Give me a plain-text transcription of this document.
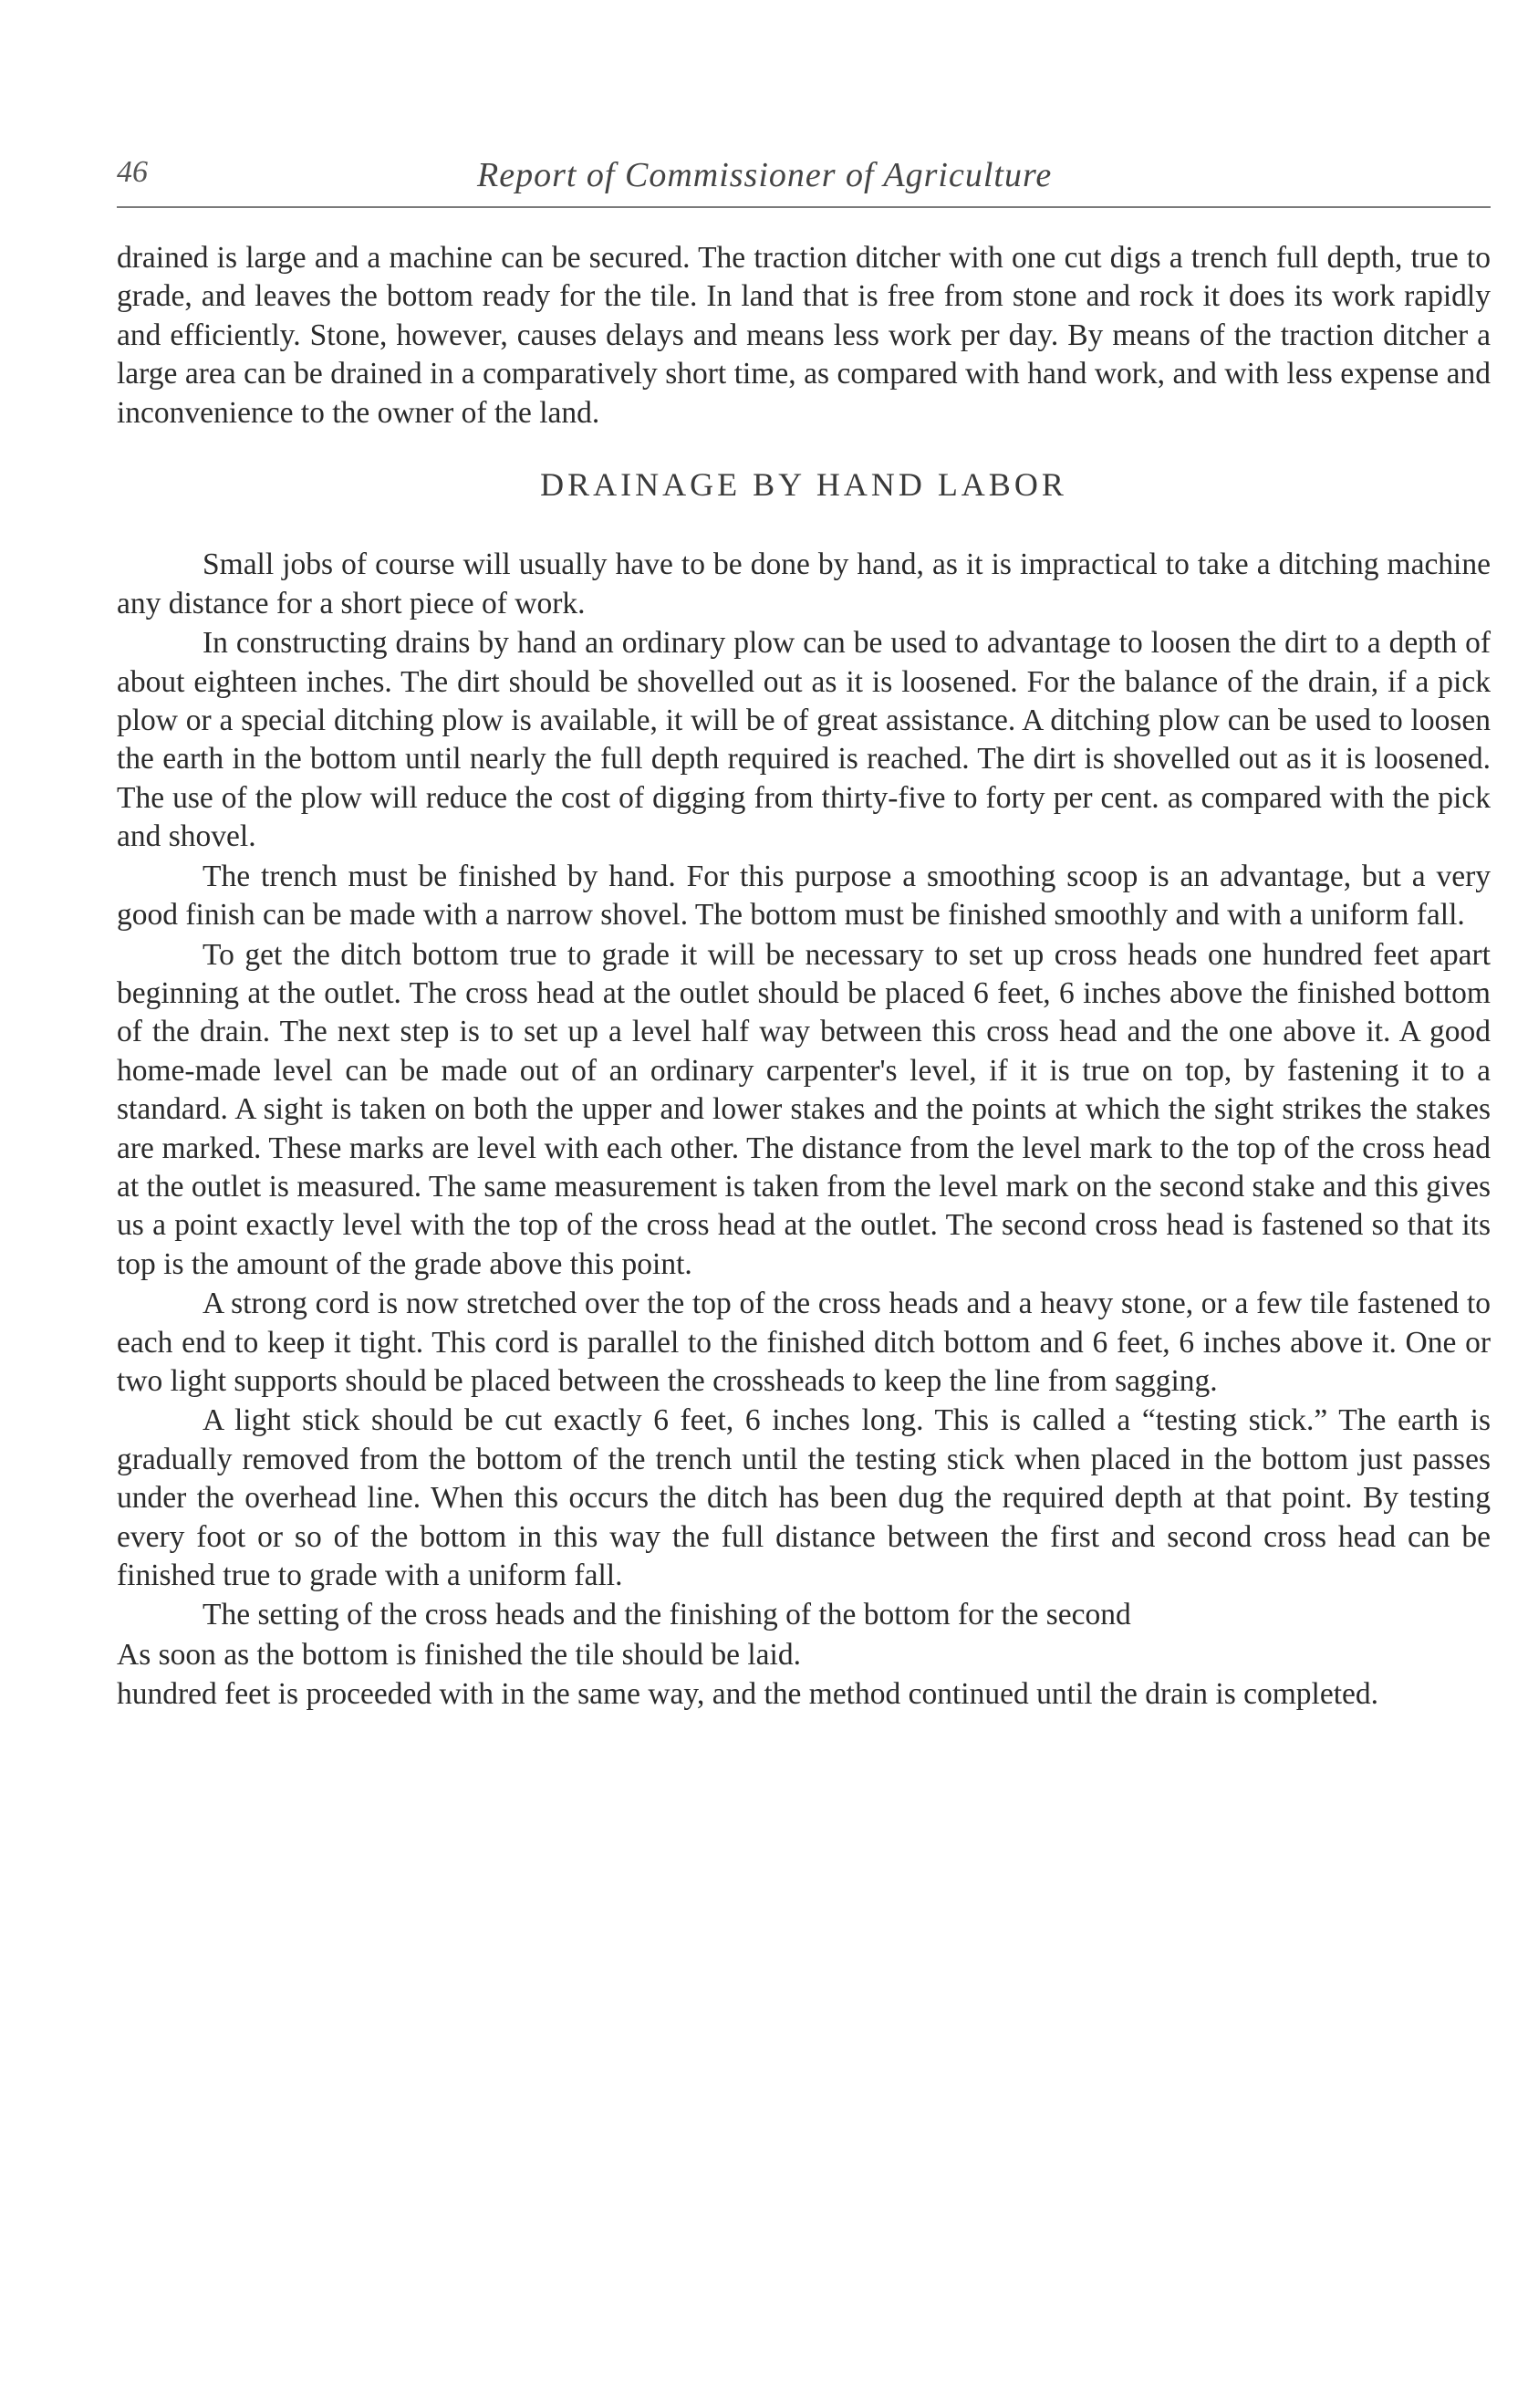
46	Report of Commissioner of Agriculture

drained is large and a machine can be secured. The traction ditcher with one cut digs a trench full depth, true to grade, and leaves the bottom ready for the tile. In land that is free from stone and rock it does its work rapidly and efficiently. Stone, however, causes delays and means less work per day. By means of the traction ditcher a large area can be drained in a comparatively short time, as compared with hand work, and with less expense and inconvenience to the owner of the land.

DRAINAGE BY HAND LABOR

Small jobs of course will usually have to be done by hand, as it is impractical to take a ditching machine any distance for a short piece of work.

In constructing drains by hand an ordinary plow can be used to advantage to loosen the dirt to a depth of about eighteen inches. The dirt should be shovelled out as it is loosened. For the balance of the drain, if a pick plow or a special ditching plow is available, it will be of great assistance. A ditching plow can be used to loosen the earth in the bottom until nearly the full depth required is reached. The dirt is shovelled out as it is loosened. The use of the plow will reduce the cost of digging from thirty-five to forty per cent. as compared with the pick and shovel.

The trench must be finished by hand. For this purpose a smoothing scoop is an advantage, but a very good finish can be made with a narrow shovel. The bottom must be finished smoothly and with a uniform fall.

To get the ditch bottom true to grade it will be necessary to set up cross heads one hundred feet apart beginning at the outlet. The cross head at the outlet should be placed 6 feet, 6 inches above the finished bottom of the drain. The next step is to set up a level half way between this cross head and the one above it. A good home-made level can be made out of an ordinary carpenter's level, if it is true on top, by fastening it to a standard. A sight is taken on both the upper and lower stakes and the points at which the sight strikes the stakes are marked. These marks are level with each other. The distance from the level mark to the top of the cross head at the outlet is measured. The same measurement is taken from the level mark on the second stake and this gives us a point exactly level with the top of the cross head at the outlet. The second cross head is fastened so that its top is the amount of the grade above this point.

A strong cord is now stretched over the top of the cross heads and a heavy stone, or a few tile fastened to each end to keep it tight. This cord is parallel to the finished ditch bottom and 6 feet, 6 inches above it. One or two light supports should be placed between the crossheads to keep the line from sagging.

A light stick should be cut exactly 6 feet, 6 inches long. This is called a “testing stick.” The earth is gradually removed from the bottom of the trench until the testing stick when placed in the bottom just passes under the overhead line. When this occurs the ditch has been dug the required depth at that point. By testing every foot or so of the bottom in this way the full distance between the first and second cross head can be finished true to grade with a uniform fall.

The setting of the cross heads and the finishing of the bottom for the second

As soon as the bottom is finished the tile should be laid.

hundred feet is proceeded with in the same way, and the method continued until the drain is completed.
